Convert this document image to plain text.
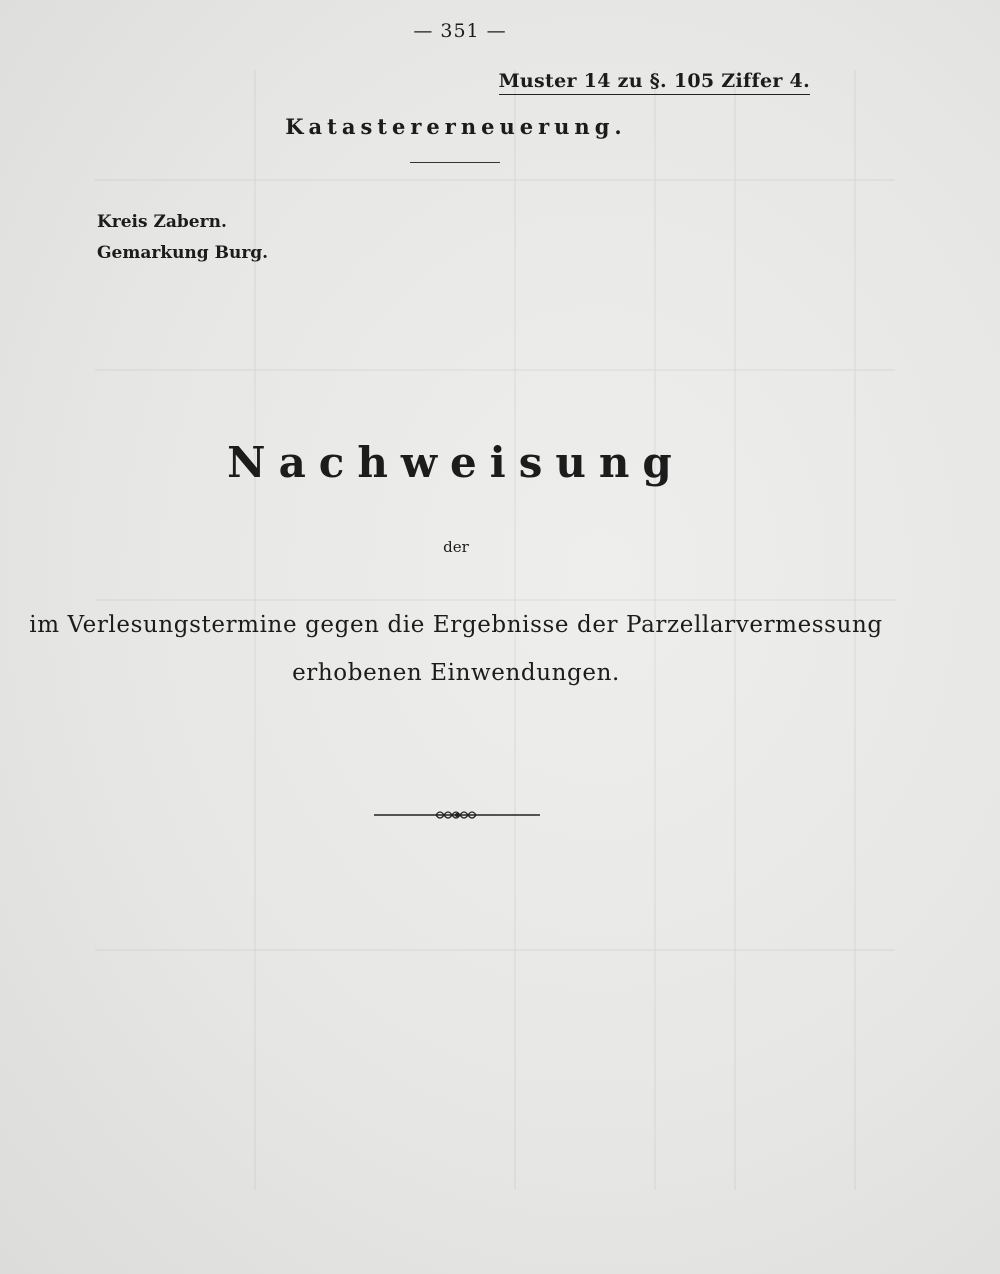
— 351 —
Muster 14 zu §. 105 Ziffer 4.
Katastererneuerung.
Kreis Zabern.
Gemarkung Burg.
Nachweisung
der
im Verlesungstermine gegen die Ergebnisse der Parzellarvermessung
erhobenen Einwendungen.
